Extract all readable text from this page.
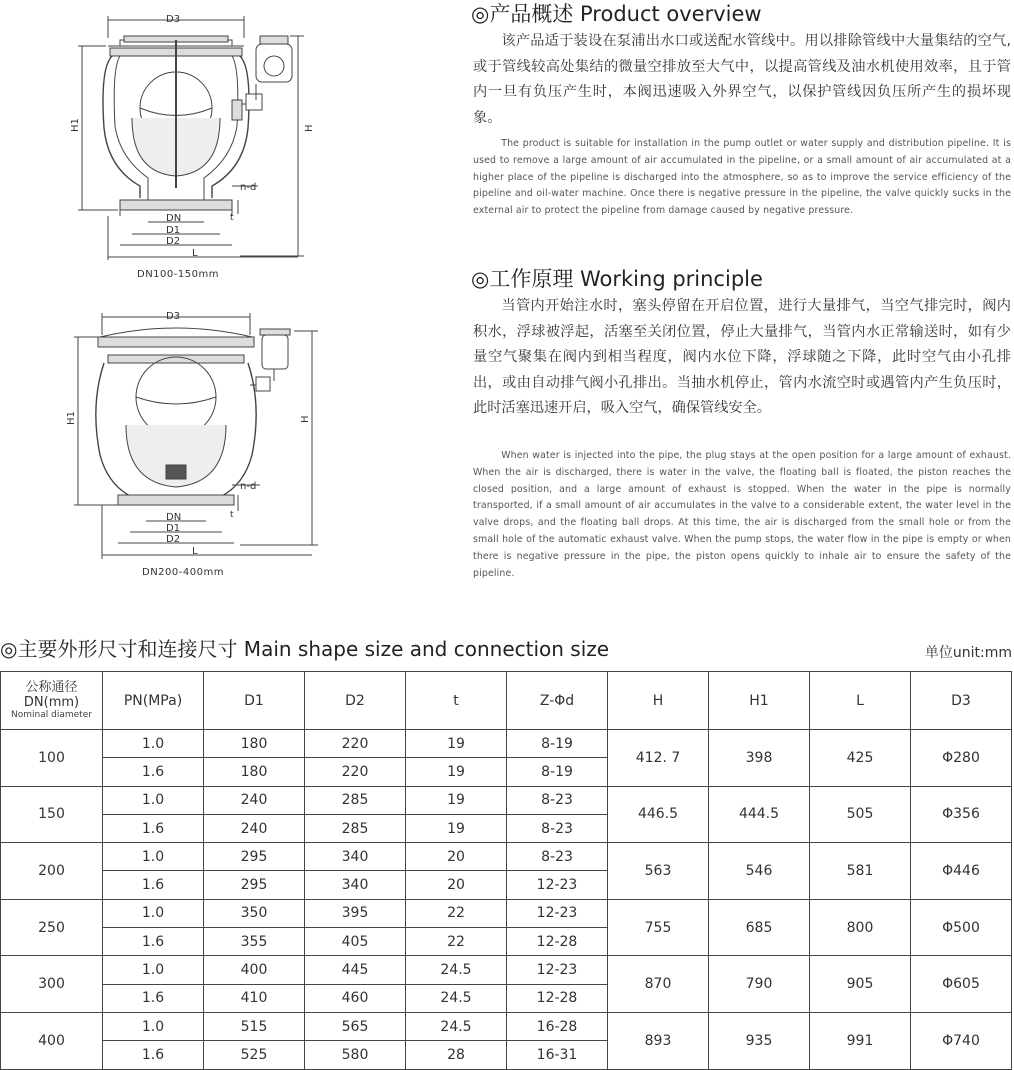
D3
H1	H
n-d
t
DN
D1
D2
L
DN100-150mm
D3
H1	H
n-d
t
DN
D1
D2
L
DN200-400mm
◎产品概述 Product overview

该产品适于装设在泵浦出水口或送配水管线中。用以排除管线中大量集结的空气,或于管线较高处集结的微量空排放至大气中，以提高管线及油水机使用效率，且于管内一旦有负压产生时，本阀迅速吸入外界空气，以保护管线因负压所产生的损坏现象。

The product is suitable for installation in the pump outlet or water supply and distribution pipeline. It is used to remove a large amount of air accumulated in the pipeline, or a small amount of air accumulated at a higher place of the pipeline is discharged into the atmosphere, so as to improve the service efficiency of the pipeline and oil-water machine. Once there is negative pressure in the pipeline, the valve quickly sucks in the external air to protect the pipeline from damage caused by negative pressure.

◎工作原理 Working principle

当管内开始注水时，塞头停留在开启位置，进行大量排气，当空气排完时，阀内积水，浮球被浮起，活塞至关闭位置，停止大量排气，当管内水正常输送时，如有少量空气聚集在阀内到相当程度，阀内水位下降，浮球随之下降，此时空气由小孔排出，或由自动排气阀小孔排出。当抽水机停止，管内水流空时或遇管内产生负压时，此时活塞迅速开启，吸入空气，确保管线安全。

When water is injected into the pipe, the plug stays at the open position for a large amount of exhaust. When the air is discharged, there is water in the valve, the floating ball is floated, the piston reaches the closed position, and a large amount of exhaust is stopped. When the water in the pipe is normally transported, if a small amount of air accumulates in the valve to a considerable extent, the water level in the valve drops, and the floating ball drops. At this time, the air is discharged from the small hole or from the small hole of the automatic exhaust valve. When the pump stops, the water flow in the pipe is empty or when there is negative pressure in the pipe, the piston opens quickly to inhale air to ensure the safety of the pipeline.

◎主要外形尺寸和连接尺寸 Main shape size and connection size	单位unit:mm
公称通径
DN(mm)
Nominal diameter	PN(MPa)	D1	D2	t	Z-Φd	H	H1	L	D3
100	1.0	180	220	19	8-19	412. 7	398	425	Φ280
	1.6	180	220	19	8-19				
150	1.0	240	285	19	8-23	446.5	444.5	505	Φ356
	1.6	240	285	19	8-23				
200	1.0	295	340	20	8-23	563	546	581	Φ446
	1.6	295	340	20	12-23				
250	1.0	350	395	22	12-23	755	685	800	Φ500
	1.6	355	405	22	12-28				
300	1.0	400	445	24.5	12-23	870	790	905	Φ605
	1.6	410	460	24.5	12-28				
400	1.0	515	565	24.5	16-28	893	935	991	Φ740
	1.6	525	580	28	16-31				
